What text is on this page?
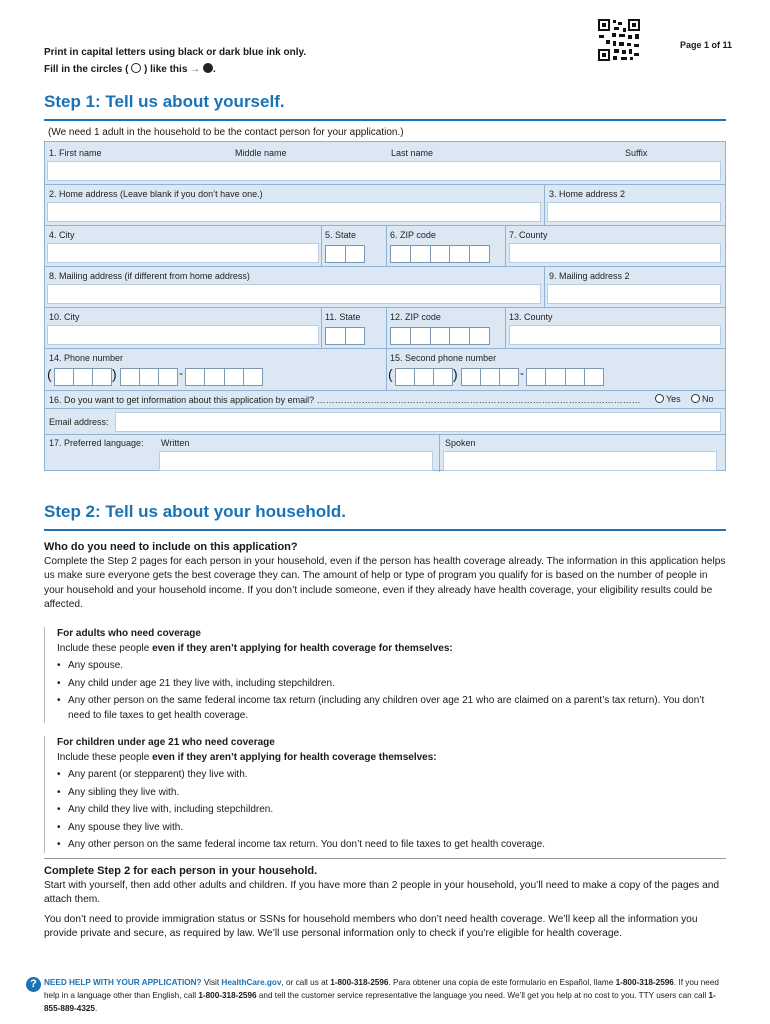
Print in capital letters using black or dark blue ink only.
Fill in the circles ( ) like this → .
Page 1 of 11
Step 1: Tell us about yourself.
(We need 1 adult in the household to be the contact person for your application.)
1. First name	Middle name	Last name	Suffix
2. Home address (Leave blank if you don’t have one.)	3. Home address 2
4. City	5. State	6. ZIP code	7. County
8. Mailing address (if different from home address)	9. Mailing address 2
10. City	11. State	12. ZIP code	13. County
14. Phone number	15. Second phone number
(	)	-	(	)	-
16. Do you want to get information about this application by email? ………………………………………………………………………………………………	Yes	No
Email address:
17. Preferred language: Written	Spoken
Step 2: Tell us about your household.
Who do you need to include on this application?
Complete the Step 2 pages for each person in your household, even if the person has health coverage already. The information in this application helps us make sure everyone gets the best coverage they can. The amount of help or type of program you qualify for is based on the number of people in your household and your household income. If you don’t include someone, even if they already have health coverage, your eligibility results could be affected.
For adults who need coverage
Include these people even if they aren’t applying for health coverage for themselves:
• Any spouse.
• Any child under age 21 they live with, including stepchildren.
• Any other person on the same federal income tax return (including any children over age 21 who are claimed on a parent’s tax return). You don’t need to file taxes to get health coverage.
For children under age 21 who need coverage
Include these people even if they aren’t applying for health coverage themselves:
• Any parent (or stepparent) they live with.
• Any sibling they live with.
• Any child they live with, including stepchildren.
• Any spouse they live with.
• Any other person on the same federal income tax return. You don’t need to file taxes to get health coverage.
Complete Step 2 for each person in your household.
Start with yourself, then add other adults and children. If you have more than 2 people in your household, you’ll need to make a copy of the pages and attach them.
You don’t need to provide immigration status or SSNs for household members who don’t need health coverage. We’ll keep all the information you provide private and secure, as required by law. We’ll use personal information only to check if you’re eligible for health coverage.
? NEED HELP WITH YOUR APPLICATION? Visit HealthCare.gov, or call us at 1-800-318-2596. Para obtener una copia de este formulario en Español, llame 1-800-318-2596. If you need help in a language other than English, call 1-800-318-2596 and tell the customer service representative the language you need. We’ll get you help at no cost to you. TTY users can call 1-855-889-4325.
